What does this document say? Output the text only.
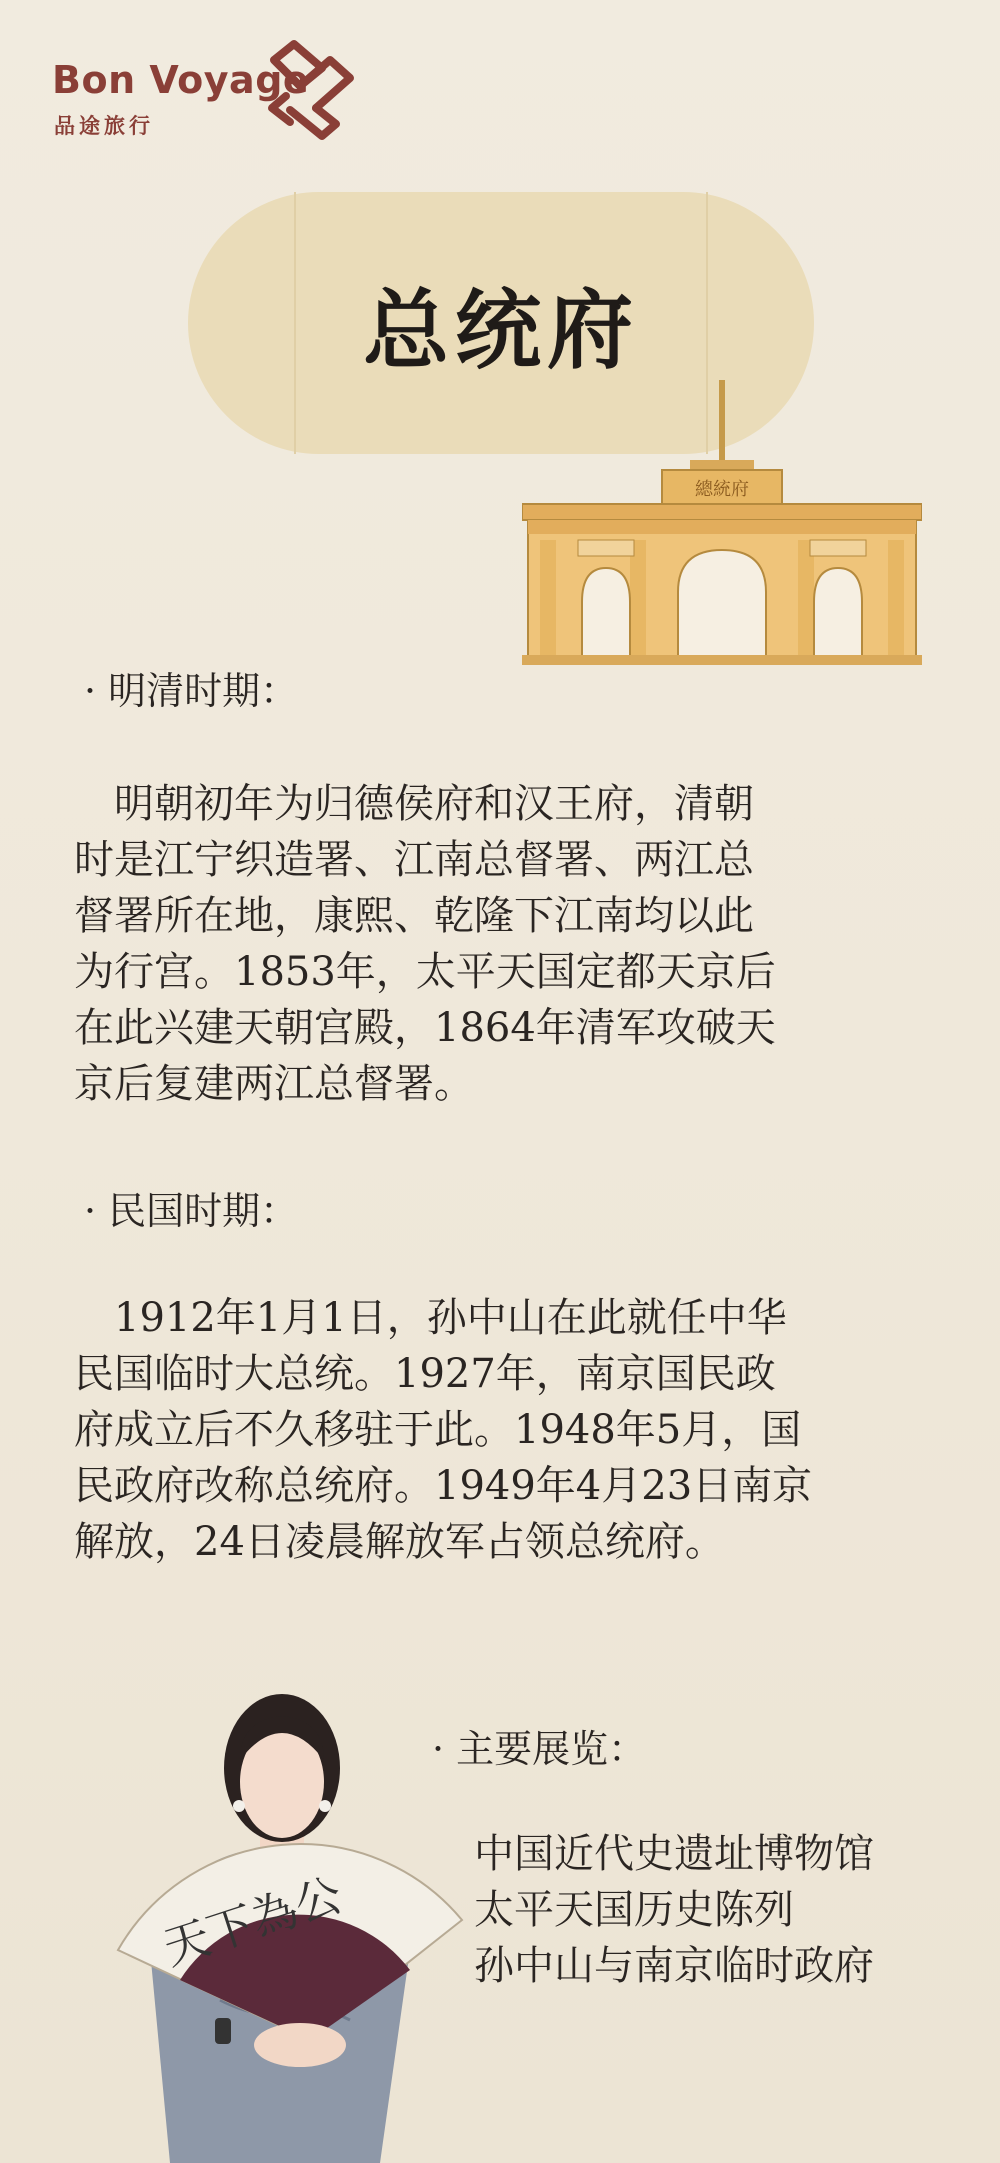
Bon Voyage
品途旅行
总统府
總統府
· 明清时期：
　明朝初年为归德侯府和汉王府，清朝
时是江宁织造署、江南总督署、两江总
督署所在地，康熙、乾隆下江南均以此
为行宫。1853年，太平天国定都天京后
在此兴建天朝宫殿，1864年清军攻破天
京后复建两江总督署。
· 民国时期：
　1912年1月1日，孙中山在此就任中华
民国临时大总统。1927年，南京国民政
府成立后不久移驻于此。1948年5月，国
民政府改称总统府。1949年4月23日南京
解放，24日凌晨解放军占领总统府。
天下為公
· 主要展览：
中国近代史遗址博物馆
太平天国历史陈列
孙中山与南京临时政府
